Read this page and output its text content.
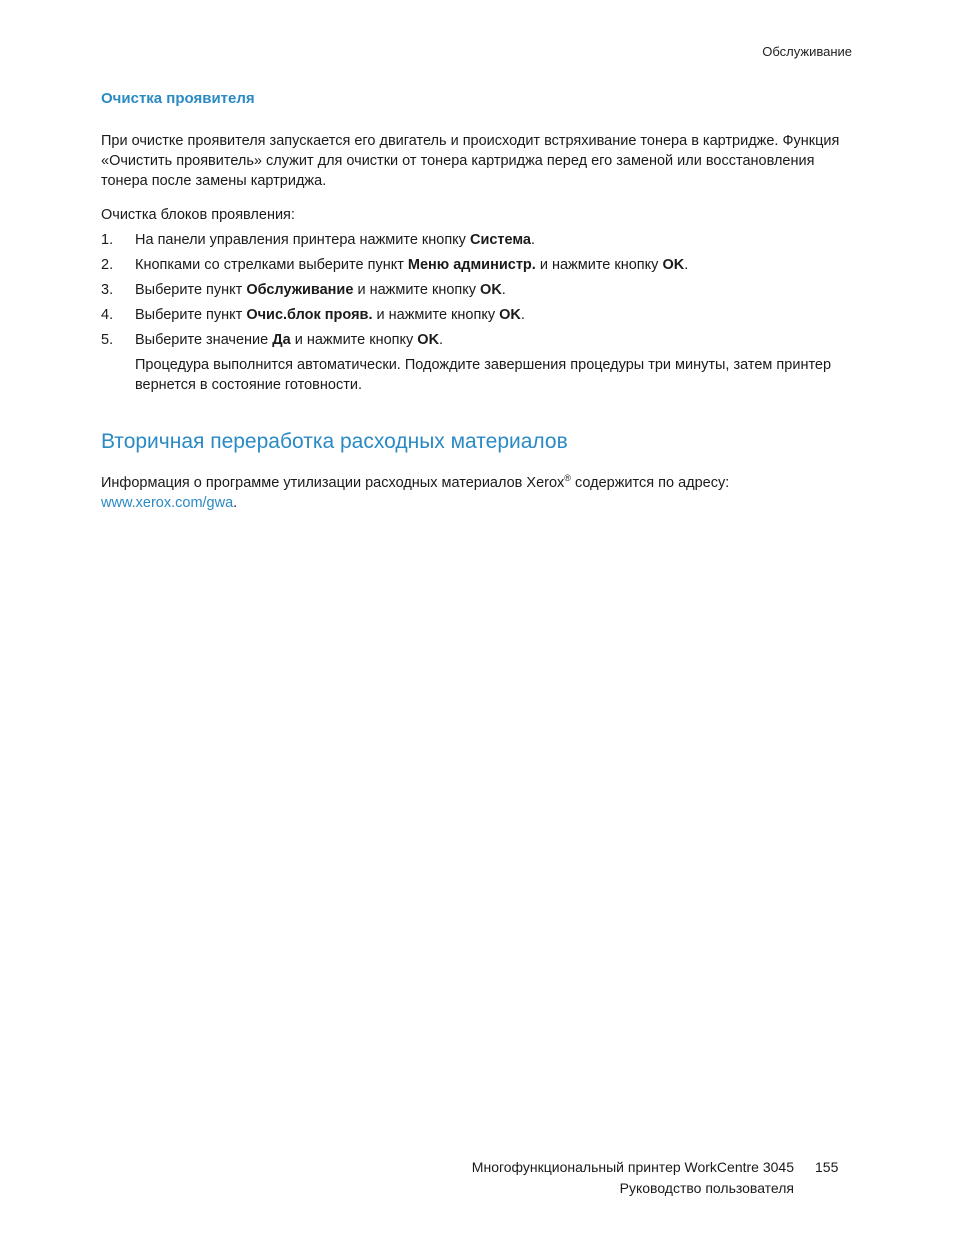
Обслуживание
Очистка проявителя

При очистке проявителя запускается его двигатель и происходит встряхивание тонера в картридже. Функция «Очистить проявитель» служит для очистки от тонера картриджа перед его заменой или восстановления тонера после замены картриджа.

Очистка блоков проявления:

1. На панели управления принтера нажмите кнопку Система.
2. Кнопками со стрелками выберите пункт Меню администр. и нажмите кнопку OK.
3. Выберите пункт Обслуживание и нажмите кнопку OK.
4. Выберите пункт Очис.блок прояв. и нажмите кнопку OK.
5. Выберите значение Да и нажмите кнопку OK.

Процедура выполнится автоматически. Подождите завершения процедуры три минуты, затем принтер вернется в состояние готовности.

Вторичная переработка расходных материалов

Информация о программе утилизации расходных материалов Xerox® содержится по адресу:
www.xerox.com/gwa.

Многофункциональный принтер WorkCentre 3045
Руководство пользователя
155
